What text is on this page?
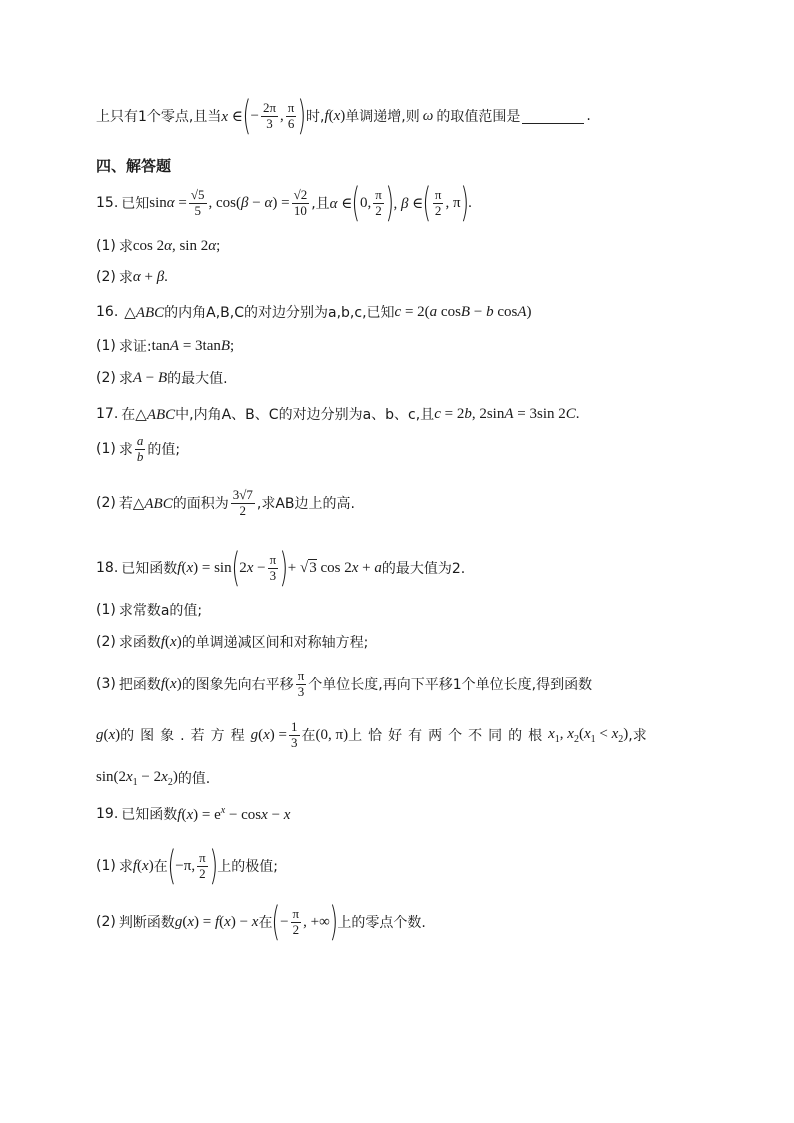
上只有1个零点,且当 x ∈ ( − $\frac{2\pi}{3}$ , $\frac{\pi}{6}$ ) 时, f(x) 单调递增,则 ω 的取值范围是	.
四、解答题
15. 已知 $\sin\alpha = \frac{√5}{5}$ , $\cos(\beta - \alpha) = \frac{√2}{10}$ ,且 α ∈ ( 0, $\frac{\pi}{2}$ ) , β ∈ ( $\frac{\pi}{2}$ , π ) .
(1) 求 cos 2α, sin 2α;
(2) 求 α + β.
16. △ABC 的内角A,B,C的对边分别为a,b,c,已知 c = 2(a cosB − b cosA)
(1) 求证: tanA = 3tanB;
(2) 求 A − B 的最大值.
17. 在 △ABC 中,内角A、B、C的对边分别为a、b、c,且 c = 2b, 2sinA = 3sin 2C.
(1) 求 $\frac{a}{b}$ 的值;
(2) 若 △ABC 的面积为 $\frac{3√7}{2}$ ,求AB边上的高.
18. 已知函数 f(x) = sin ( $2x - \frac{\pi}{3}$ ) + √3 cos 2x + a 的最大值为2.
(1) 求常数a的值;
(2) 求函数 f(x) 的单调递减区间和对称轴方程;
(3) 把函数 f(x) 的图象先向右平移 $\frac{\pi}{3}$ 个单位长度,再向下平移1个单位长度,得到函数
g(x) 的图象.若方程 $g(x) = \frac{1}{3}$ 在 (0, π) 上恰好有两个不同的根 $x_1$, $x_2(x_1 < x_2)$ ,求
$\sin(2x_1 - 2x_2)$ 的值.
19. 已知函数 $f(x) = e^x - \cos x - x$
(1) 求 f(x) 在 ( −π, $\frac{\pi}{2}$ ) 上的极值;
(2) 判断函数 g(x) = f(x) − x 在 ( − $\frac{\pi}{2}$ , +∞ ) 上的零点个数.
